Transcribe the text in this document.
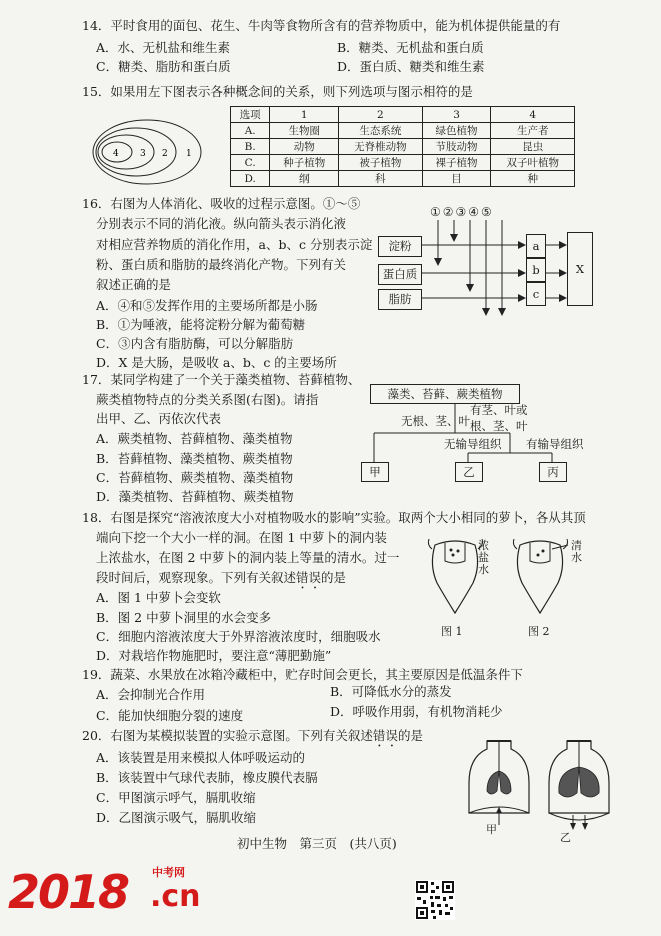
14．平时食用的面包、花生、牛肉等食物所含有的营养物质中，能为机体提供能量的有
A．水、无机盐和维生素	B．糖类、无机盐和蛋白质
C．糖类、脂肪和蛋白质	D．蛋白质、糖类和维生素
15．如果用左下图表示各种概念间的关系，则下列选项与图示相符的是
4 3 2 1
选项	1	2	3	4
A.	生物圈	生态系统	绿色植物	生产者
B.	动物	无脊椎动物	节肢动物	昆虫
C.	种子植物	被子植物	裸子植物	双子叶植物
D.	纲	科	目	种
16．右图为人体消化、吸收的过程示意图。①～⑤
分别表示不同的消化液。纵向箭头表示消化液
对相应营养物质的消化作用，a、b、c 分别表示淀
粉、蛋白质和脂肪的最终消化产物。下列有关
叙述正确的是
A．④和⑤发挥作用的主要场所都是小肠
B．①为唾液，能将淀粉分解为葡萄糖
C．③内含有脂肪酶，可以分解脂肪
D．X 是大肠，是吸收 a、b、c 的主要场所
①②③④⑤
淀粉
蛋白质
脂肪
a
b
c
X
17．某同学构建了一个关于藻类植物、苔藓植物、
蕨类植物特点的分类关系图(右图)。请指
出甲、乙、丙依次代表
A．蕨类植物、苔藓植物、藻类植物
B．苔藓植物、藻类植物、蕨类植物
C．苔藓植物、蕨类植物、藻类植物
D．藻类植物、苔藓植物、蕨类植物
藻类、苔藓、蕨类植物
无根、茎、叶
有茎、叶或
根、茎、叶
无输导组织 有输导组织
甲	乙	丙
18．右图是探究“溶液浓度大小对植物吸水的影响”实验。取两个大小相同的萝卜，各从其顶
端向下挖一个大小一样的洞。在图 1 中萝卜的洞内装
上浓盐水，在图 2 中萝卜的洞内装上等量的清水。过一
段时间后，观察现象。下列有关叙述错误的是
A．图 1 中萝卜会变软
B．图 2 中萝卜洞里的水会变多
C．细胞内溶液浓度大于外界溶液浓度时，细胞吸水
D．对栽培作物施肥时，要注意“薄肥勤施”
浓盐水
清水
图 1	图 2
19．蔬菜、水果放在冰箱冷藏柜中，贮存时间会更长，其主要原因是低温条件下
A．会抑制光合作用	B．可降低水分的蒸发
C．能加快细胞分裂的速度	D．呼吸作用弱，有机物消耗少
20．右图为某模拟装置的实验示意图。下列有关叙述错误的是
A．该装置是用来模拟人体呼吸运动的
B．该装置中气球代表肺，橡皮膜代表膈
C．甲图演示呼气，膈肌收缩
D．乙图演示吸气，膈肌收缩
甲
乙
初中生物　第三页　(共八页)
2018 中考网
.cn
